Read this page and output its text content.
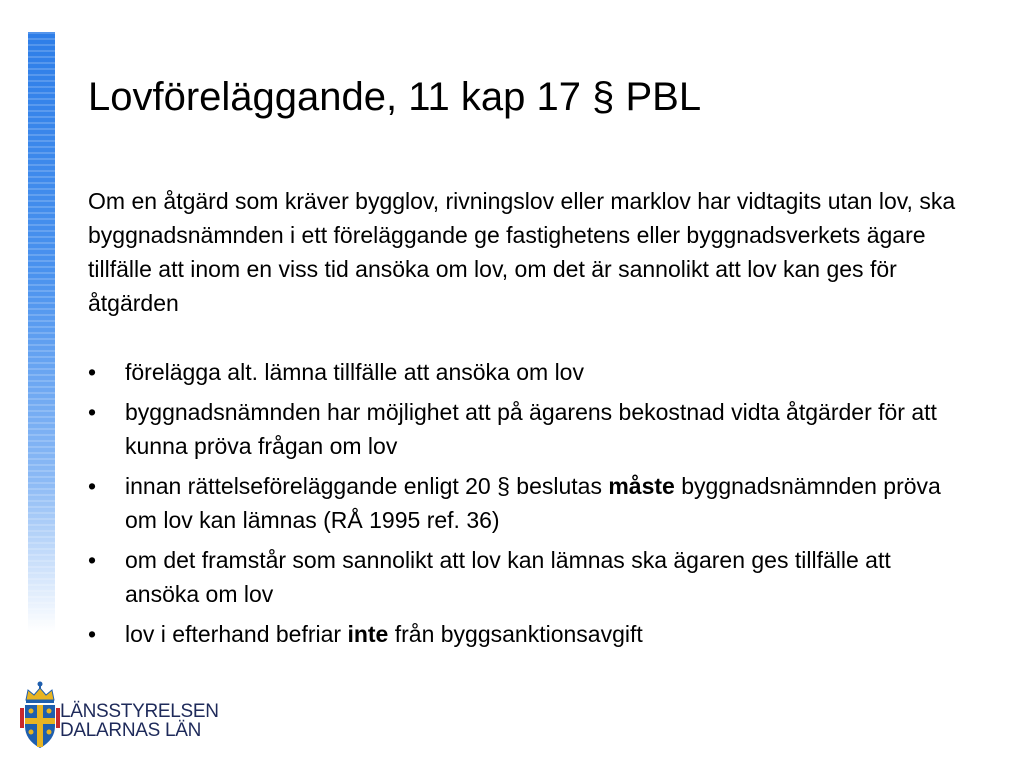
Lovföreläggande, 11 kap 17 § PBL

Om en åtgärd som kräver bygglov, rivningslov eller marklov har vidtagits utan lov, ska byggnadsnämnden i ett föreläggande ge fastighetens eller byggnadsverkets ägare tillfälle att inom en viss tid ansöka om lov, om det är sannolikt att lov kan ges för åtgärden

• förelägga alt. lämna tillfälle att ansöka om lov
• byggnadsnämnden har möjlighet att på ägarens bekostnad vidta åtgärder för att kunna pröva frågan om lov
• innan rättelseföreläggande enligt 20 § beslutas måste byggnadsnämnden pröva om lov kan lämnas (RÅ 1995 ref. 36)
• om det framstår som sannolikt att lov kan lämnas ska ägaren ges tillfälle att ansöka om lov
• lov i efterhand befriar inte från byggsanktionsavgift
LÄNSSTYRELSEN
DALARNAS LÄN
